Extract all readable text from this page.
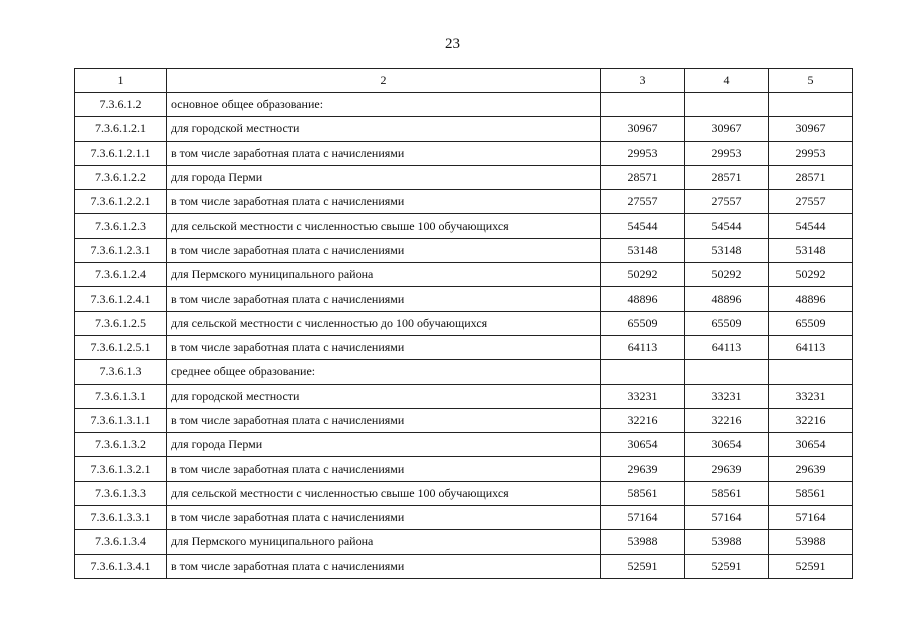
23
1	2	3	4	5
7.3.6.1.2	основное общее образование:			
7.3.6.1.2.1	для городской местности	30967	30967	30967
7.3.6.1.2.1.1	в том числе заработная плата с начислениями	29953	29953	29953
7.3.6.1.2.2	для города Перми	28571	28571	28571
7.3.6.1.2.2.1	в том числе заработная плата с начислениями	27557	27557	27557
7.3.6.1.2.3	для сельской местности с численностью свыше 100 обучающихся	54544	54544	54544
7.3.6.1.2.3.1	в том числе заработная плата с начислениями	53148	53148	53148
7.3.6.1.2.4	для Пермского муниципального района	50292	50292	50292
7.3.6.1.2.4.1	в том числе заработная плата с начислениями	48896	48896	48896
7.3.6.1.2.5	для сельской местности с численностью до 100 обучающихся	65509	65509	65509
7.3.6.1.2.5.1	в том числе заработная плата с начислениями	64113	64113	64113
7.3.6.1.3	среднее общее образование:			
7.3.6.1.3.1	для городской местности	33231	33231	33231
7.3.6.1.3.1.1	в том числе заработная плата с начислениями	32216	32216	32216
7.3.6.1.3.2	для города Перми	30654	30654	30654
7.3.6.1.3.2.1	в том числе заработная плата с начислениями	29639	29639	29639
7.3.6.1.3.3	для сельской местности с численностью свыше 100 обучающихся	58561	58561	58561
7.3.6.1.3.3.1	в том числе заработная плата с начислениями	57164	57164	57164
7.3.6.1.3.4	для Пермского муниципального района	53988	53988	53988
7.3.6.1.3.4.1	в том числе заработная плата с начислениями	52591	52591	52591
